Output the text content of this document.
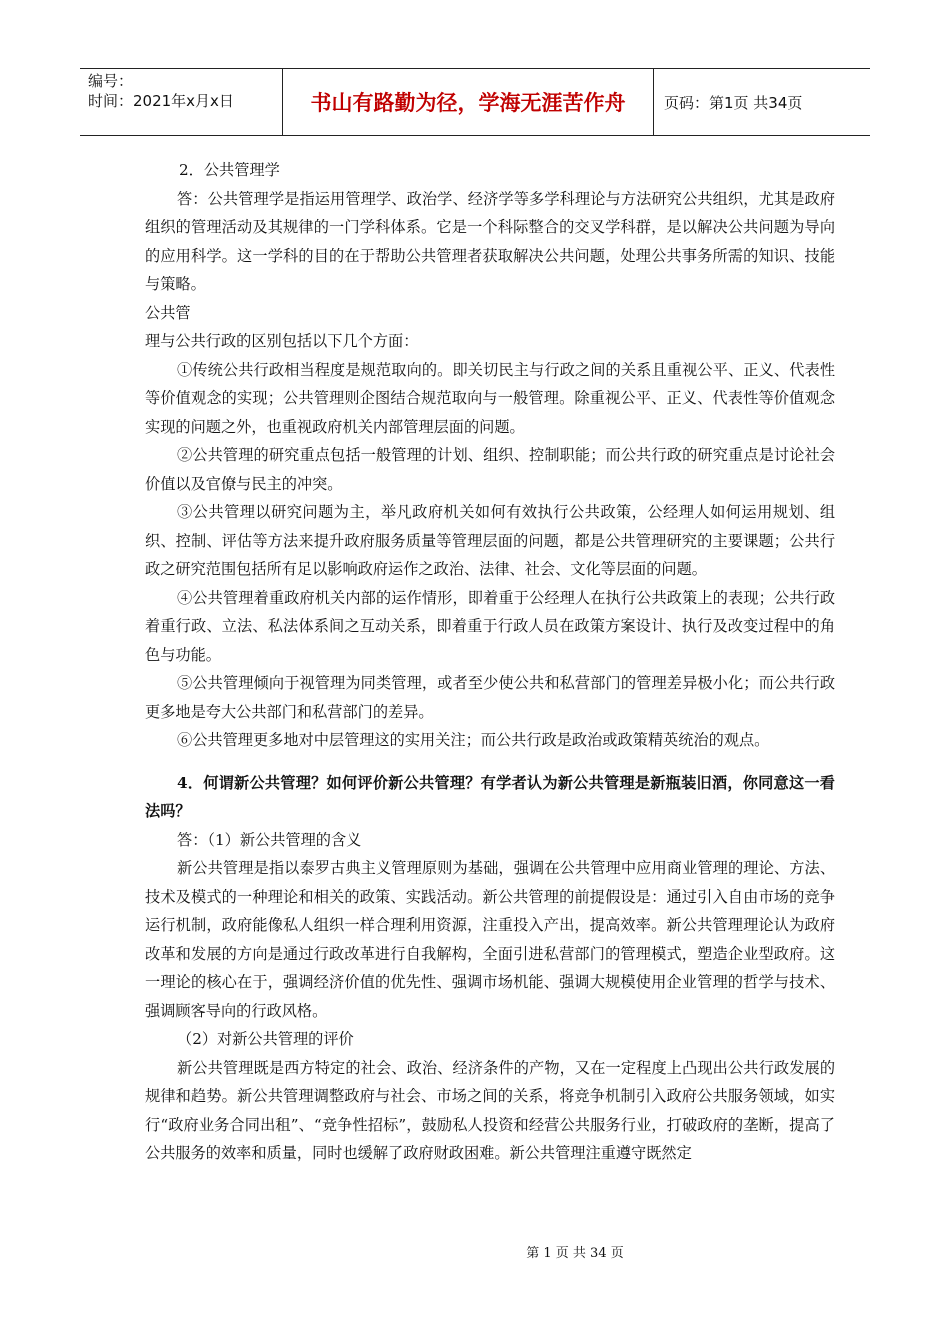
编号：
时间：2021年x月x日	书山有路勤为径，学海无涯苦作舟	页码：第1页 共34页

2．公共管理学

答：公共管理学是指运用管理学、政治学、经济学等多学科理论与方法研究公共组织，尤其是政府组织的管理活动及其规律的一门学科体系。它是一个科际整合的交叉学科群，是以解决公共问题为导向的应用科学。这一学科的目的在于帮助公共管理者获取解决公共问题，处理公共事务所需的知识、技能与策略。

公共管

理与公共行政的区别包括以下几个方面：

①传统公共行政相当程度是规范取向的。即关切民主与行政之间的关系且重视公平、正义、代表性等价值观念的实现；公共管理则企图结合规范取向与一般管理。除重视公平、正义、代表性等价值观念实现的问题之外，也重视政府机关内部管理层面的问题。

②公共管理的研究重点包括一般管理的计划、组织、控制职能；而公共行政的研究重点是讨论社会价值以及官僚与民主的冲突。

③公共管理以研究问题为主，举凡政府机关如何有效执行公共政策，公经理人如何运用规划、组织、控制、评估等方法来提升政府服务质量等管理层面的问题，都是公共管理研究的主要课题；公共行政之研究范围包括所有足以影响政府运作之政治、法律、社会、文化等层面的问题。

④公共管理着重政府机关内部的运作情形，即着重于公经理人在执行公共政策上的表现；公共行政着重行政、立法、私法体系间之互动关系，即着重于行政人员在政策方案设计、执行及改变过程中的角色与功能。

⑤公共管理倾向于视管理为同类管理，或者至少使公共和私营部门的管理差异极小化；而公共行政更多地是夸大公共部门和私营部门的差异。

⑥公共管理更多地对中层管理这的实用关注；而公共行政是政治或政策精英统治的观点。

4．何谓新公共管理？如何评价新公共管理？有学者认为新公共管理是新瓶装旧酒，你同意这一看法吗？

答：（1）新公共管理的含义

新公共管理是指以泰罗古典主义管理原则为基础，强调在公共管理中应用商业管理的理论、方法、技术及模式的一种理论和相关的政策、实践活动。新公共管理的前提假设是：通过引入自由市场的竞争运行机制，政府能像私人组织一样合理利用资源，注重投入产出，提高效率。新公共管理理论认为政府改革和发展的方向是通过行政改革进行自我解构，全面引进私营部门的管理模式，塑造企业型政府。这一理论的核心在于，强调经济价值的优先性、强调市场机能、强调大规模使用企业管理的哲学与技术、强调顾客导向的行政风格。

（2）对新公共管理的评价

新公共管理既是西方特定的社会、政治、经济条件的产物，又在一定程度上凸现出公共行政发展的规律和趋势。新公共管理调整政府与社会、市场之间的关系，将竞争机制引入政府公共服务领域，如实行“政府业务合同出租”、“竞争性招标”，鼓励私人投资和经营公共服务行业，打破政府的垄断，提高了公共服务的效率和质量，同时也缓解了政府财政困难。新公共管理注重遵守既然定

第 1 页 共 34 页
